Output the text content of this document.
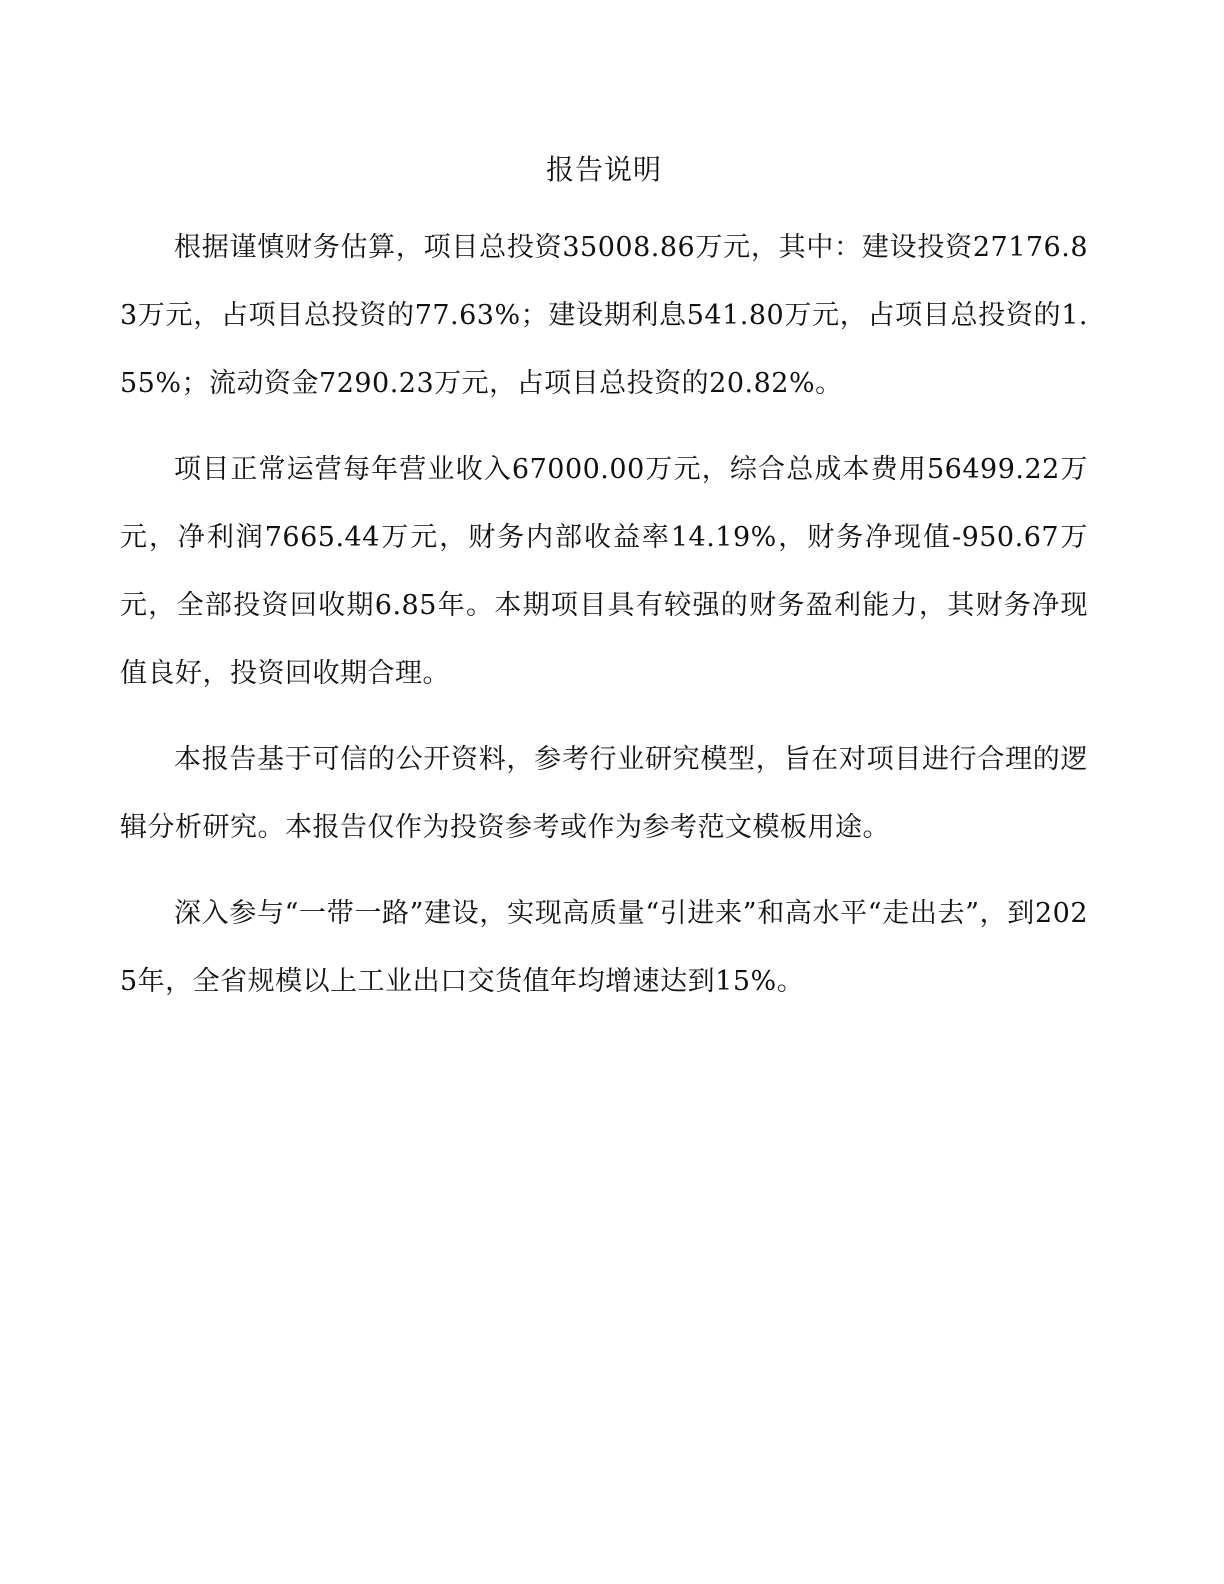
报告说明

根据谨慎财务估算，项目总投资35008.86万元，其中：建设投资27176.83万元，占项目总投资的77.63%；建设期利息541.80万元，占项目总投资的1.55%；流动资金7290.23万元，占项目总投资的20.82%。

项目正常运营每年营业收入67000.00万元，综合总成本费用56499.22万元，净利润7665.44万元，财务内部收益率14.19%，财务净现值-950.67万元，全部投资回收期6.85年。本期项目具有较强的财务盈利能力，其财务净现值良好，投资回收期合理。

本报告基于可信的公开资料，参考行业研究模型，旨在对项目进行合理的逻辑分析研究。本报告仅作为投资参考或作为参考范文模板用途。

深入参与“一带一路”建设，实现高质量“引进来”和高水平“走出去”，到2025年，全省规模以上工业出口交货值年均增速达到15%。
